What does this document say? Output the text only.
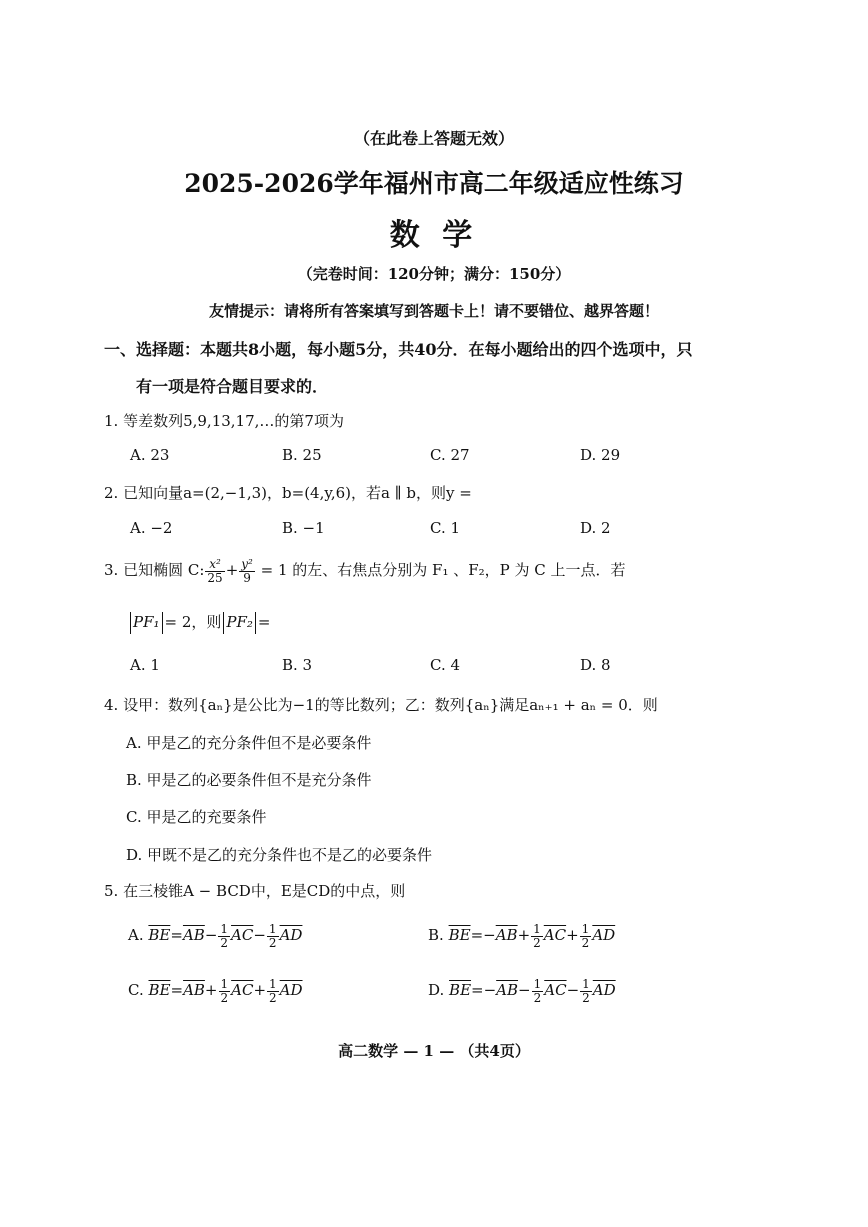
（在此卷上答题无效）
2025-2026学年福州市高二年级适应性练习
数 学
（完卷时间：120分钟；满分：150分）
友情提示：请将所有答案填写到答题卡上！请不要错位、越界答题！
一、选择题：本题共8小题，每小题5分，共40分．在每小题给出的四个选项中，只
有一项是符合题目要求的．
1. 等差数列5,9,13,17,…的第7项为
A. 23	B. 25	C. 27	D. 29
2. 已知向量a=(2,−1,3)，b=(4,y,6)，若a ∥ b，则y =
A. −2	B. −1	C. 1	D. 2
3. 已知椭圆 C: $\frac{\text{x²}}{25} + \frac{\text{y²}}{9} = 1$ 的左、右焦点分别为 F₁ 、F₂，P 为 C 上一点．若
PF₁ = 2，则 PF₂ =
A. 1	B. 3	C. 4	D. 8
4. 设甲：数列{aₙ}是公比为−1的等比数列；乙：数列{aₙ}满足aₙ₊₁ + aₙ = 0．则
A. 甲是乙的充分条件但不是必要条件
B. 甲是乙的必要条件但不是充分条件
C. 甲是乙的充要条件
D. 甲既不是乙的充分条件也不是乙的必要条件
5. 在三棱锥A − BCD中，E是CD的中点，则
A. $\overline{BE}=\overline{AB}- \frac{1}{2} \overline{AC}- \frac{1}{2} \overline{AD}$	B. $\overline{BE}=-\overline{AB}+ \frac{1}{2} \overline{AC}+ \frac{1}{2} \overline{AD}$
C. $\overline{BE}=\overline{AB}+ \frac{1}{2} \overline{AC}+ \frac{1}{2} \overline{AD}$	D. $\overline{BE}=-\overline{AB}- \frac{1}{2} \overline{AC}- \frac{1}{2} \overline{AD}$
高二数学 — 1 — （共4页）
